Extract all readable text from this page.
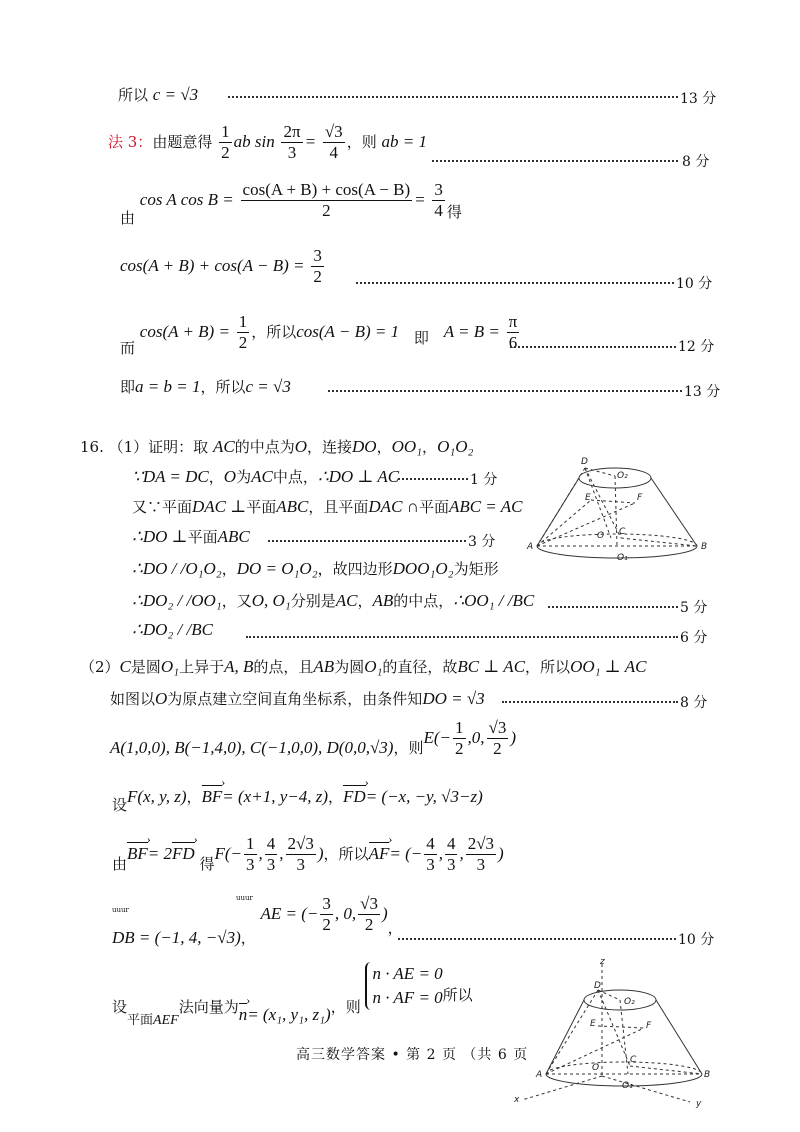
所以 c = √3	13 分
法 3：由题意得 $\frac{1}{2}$ ab $\sin \frac{2\pi}{3} = \frac{√3}{4}$ ，则 ab = 1
8 分
由 cos A $\cos B = \frac{\cos(A + B) + \cos(A - B)}{2} = \frac{3}{4}$ 得
$\cos(A + B) + \cos(A - B) = \frac{3}{2}$	10 分
而 $\cos(A + B) = \frac{1}{2}$ ，所以cos(A − B) = 1 即 $A = B = \frac{\pi}{6}$	12 分
即a = b = 1，所以c = √3	13 分
16. （1）证明：取 AC的中点为O，连接DO，OO₁，O₁O₂
∵DA = DC，O为AC中点，∴DO ⊥ AC	1 分
又∵平面DAC ⊥平面ABC，且平面DAC ∩平面ABC = AC
∴DO ⊥平面ABC	3 分
∴DO / /O₁O₂，DO = O₁O₂，故四边形DOO₁O₂为矩形
∴DO₂ / /OO₁，又O, O₁分别是AC，AB的中点，∴OO₁ / /BC	5 分
∴DO₂ / /BC	6 分
D
O₂
E	F
A
O C
O₁
B
（2）C是圆O₁上异于A, B的点，且AB为圆O₁的直径，故BC ⊥ AC，所以OO₁ ⊥ AC
如图以O为原点建立空间直角坐标系，由条件知DO = √3	8 分
A(1,0,0), B(−1,4,0), C(−1,0,0), D(0,0,√3)，则$E(- \frac{1}{2} ,0$, $\frac{√3}{2}$ )
设F(x, y, z)，BF ›= (x+1, y−4, z)，FD ›= (−x, −y, √3−z)
由BF ›= 2FD › 得$F(- \frac{1}{3}$ , $\frac{4}{3}$ , $\frac{2√3}{3}$ )，所以AF ›= (− $\frac{4}{3}$ , $\frac{4}{3}$ , $\frac{2√3}{3}$ )
uuur
DB = (−1, 4, −√3)，
uuur
AE = (− $\frac{3}{2}$ , 0, $\frac{√3}{2}$ )，
10 分
设平面AEF法向量为n ›= (x₁, y₁, z₁)，则
n · AE = 0
n · AF = 0 所以
z
D
O₂
E	F
A
O
C
O₁
B
x	y
高三数学答案 • 第 2 页 （共 6 页
